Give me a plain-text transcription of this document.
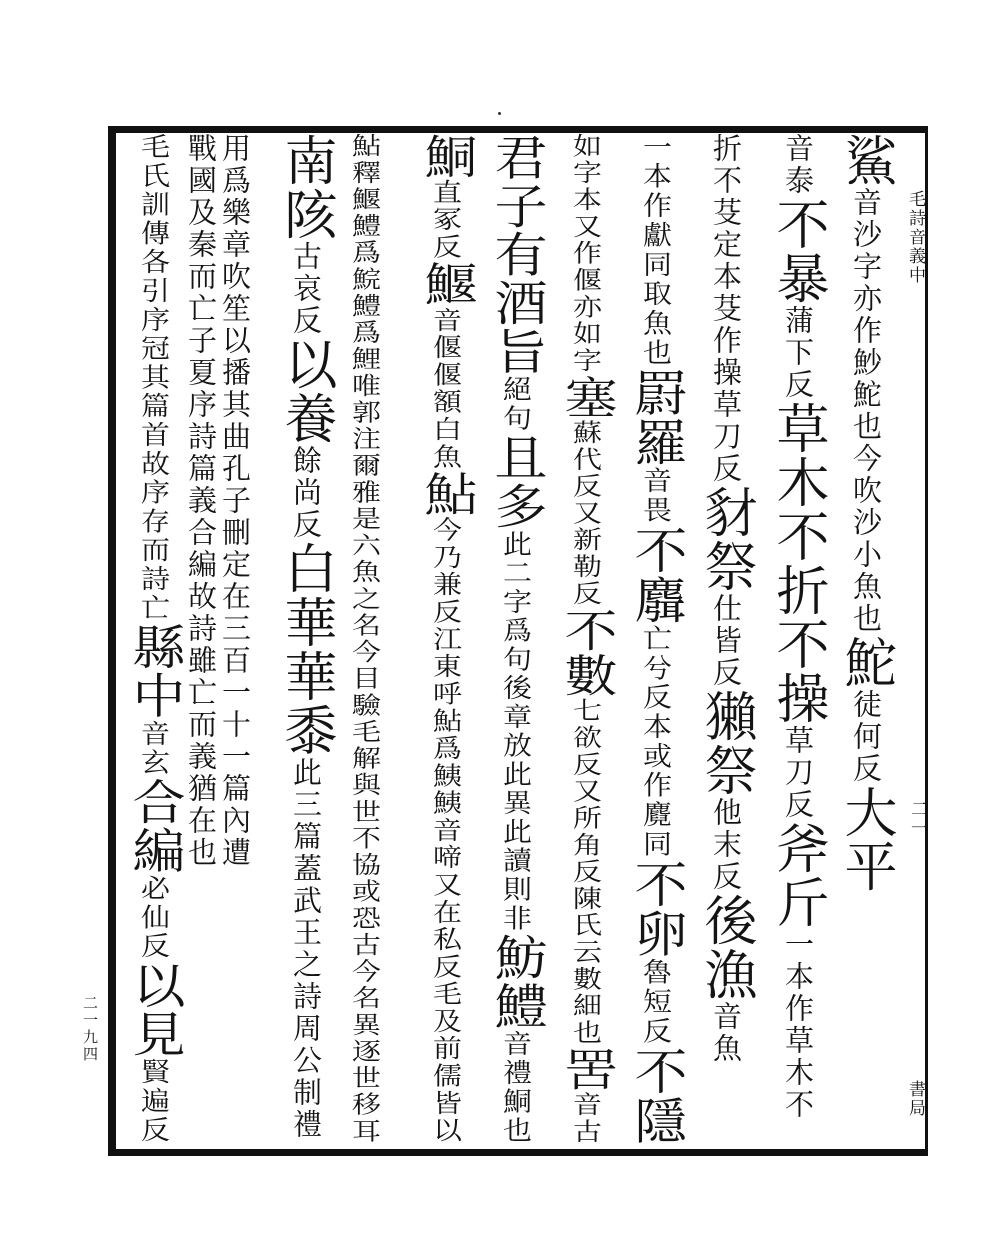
毛詩音義中
二一
書局
二一九四
鯊音沙字亦作魦鮀也今吹沙小魚也鮀徒何反大平
音泰不暴蒲下反草木不折不操草刀反斧斤一本作草木不
折不芟定本芟作操草刀反豺祭仕皆反獺祭他末反後漁音魚
一本作獻同取魚也罻羅音畏不麛亡兮反本或作麑同不卵魯短反不隱
如字本又作偃亦如字塞蘇代反又新勒反不數七欲反又所角反陳氏云數細也罟音古
君子有酒旨絕句且多此二字爲句後章放此異此讀則非魴鱧音禮鮦也
鮦直冢反鰋音偃偃額白魚鮎今乃兼反江東呼鮎爲鮧鮧音啼又在私反毛及前儒皆以
鮎釋鰋鱧爲鯇鱧爲鯉唯郭注爾雅是六魚之名今目驗毛解與世不協或恐古今名異逐世移耳
南陔古哀反以養餘尚反白華華黍此三篇蓋武王之詩周公制禮
用爲樂章吹笙以播其曲孔子刪定在三百一十一篇內遭
戰國及秦而亡子夏序詩篇義合編故詩雖亡而義猶在也
毛氏訓傳各引序冠其篇首故序存而詩亡縣中音玄合編必仙反以見賢遍反
